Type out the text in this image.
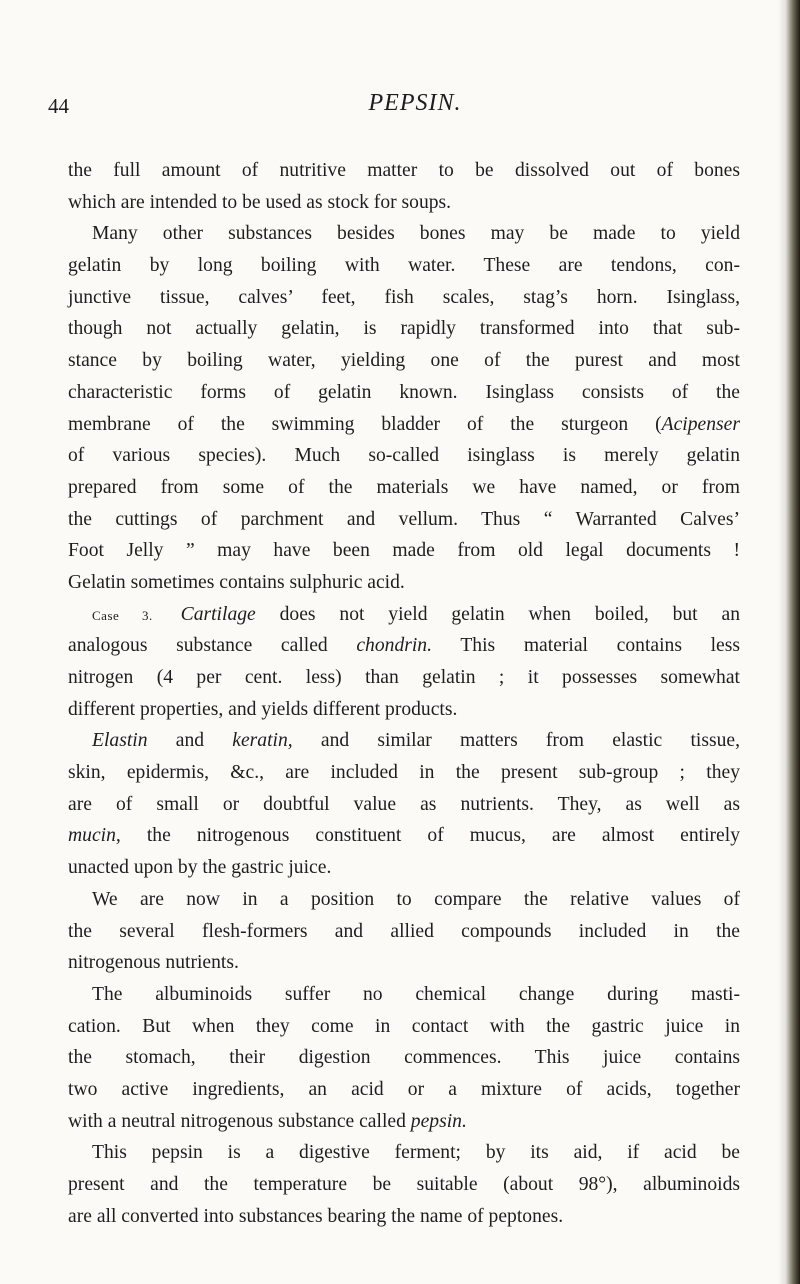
44	PEPSIN.
the full amount of nutritive matter to be dissolved out of bones
which are intended to be used as stock for soups.
Many other substances besides bones may be made to yield
gelatin by long boiling with water. These are tendons, con-
junctive tissue, calves’ feet, fish scales, stag’s horn. Isinglass,
though not actually gelatin, is rapidly transformed into that sub-
stance by boiling water, yielding one of the purest and most
characteristic forms of gelatin known. Isinglass consists of the
membrane of the swimming bladder of the sturgeon (Acipenser
of various species). Much so-called isinglass is merely gelatin
prepared from some of the materials we have named, or from
the cuttings of parchment and vellum. Thus “ Warranted Calves’
Foot Jelly ” may have been made from old legal documents !
Gelatin sometimes contains sulphuric acid.
Case 3. Cartilage does not yield gelatin when boiled, but an
analogous substance called chondrin. This material contains less
nitrogen (4 per cent. less) than gelatin ; it possesses somewhat
different properties, and yields different products.
Elastin and keratin, and similar matters from elastic tissue,
skin, epidermis, &c., are included in the present sub-group ; they
are of small or doubtful value as nutrients. They, as well as
mucin, the nitrogenous constituent of mucus, are almost entirely
unacted upon by the gastric juice.
We are now in a position to compare the relative values of
the several flesh-formers and allied compounds included in the
nitrogenous nutrients.
The albuminoids suffer no chemical change during masti-
cation. But when they come in contact with the gastric juice in
the stomach, their digestion commences. This juice contains
two active ingredients, an acid or a mixture of acids, together
with a neutral nitrogenous substance called pepsin.
This pepsin is a digestive ferment; by its aid, if acid be
present and the temperature be suitable (about 98°), albuminoids
are all converted into substances bearing the name of peptones.
